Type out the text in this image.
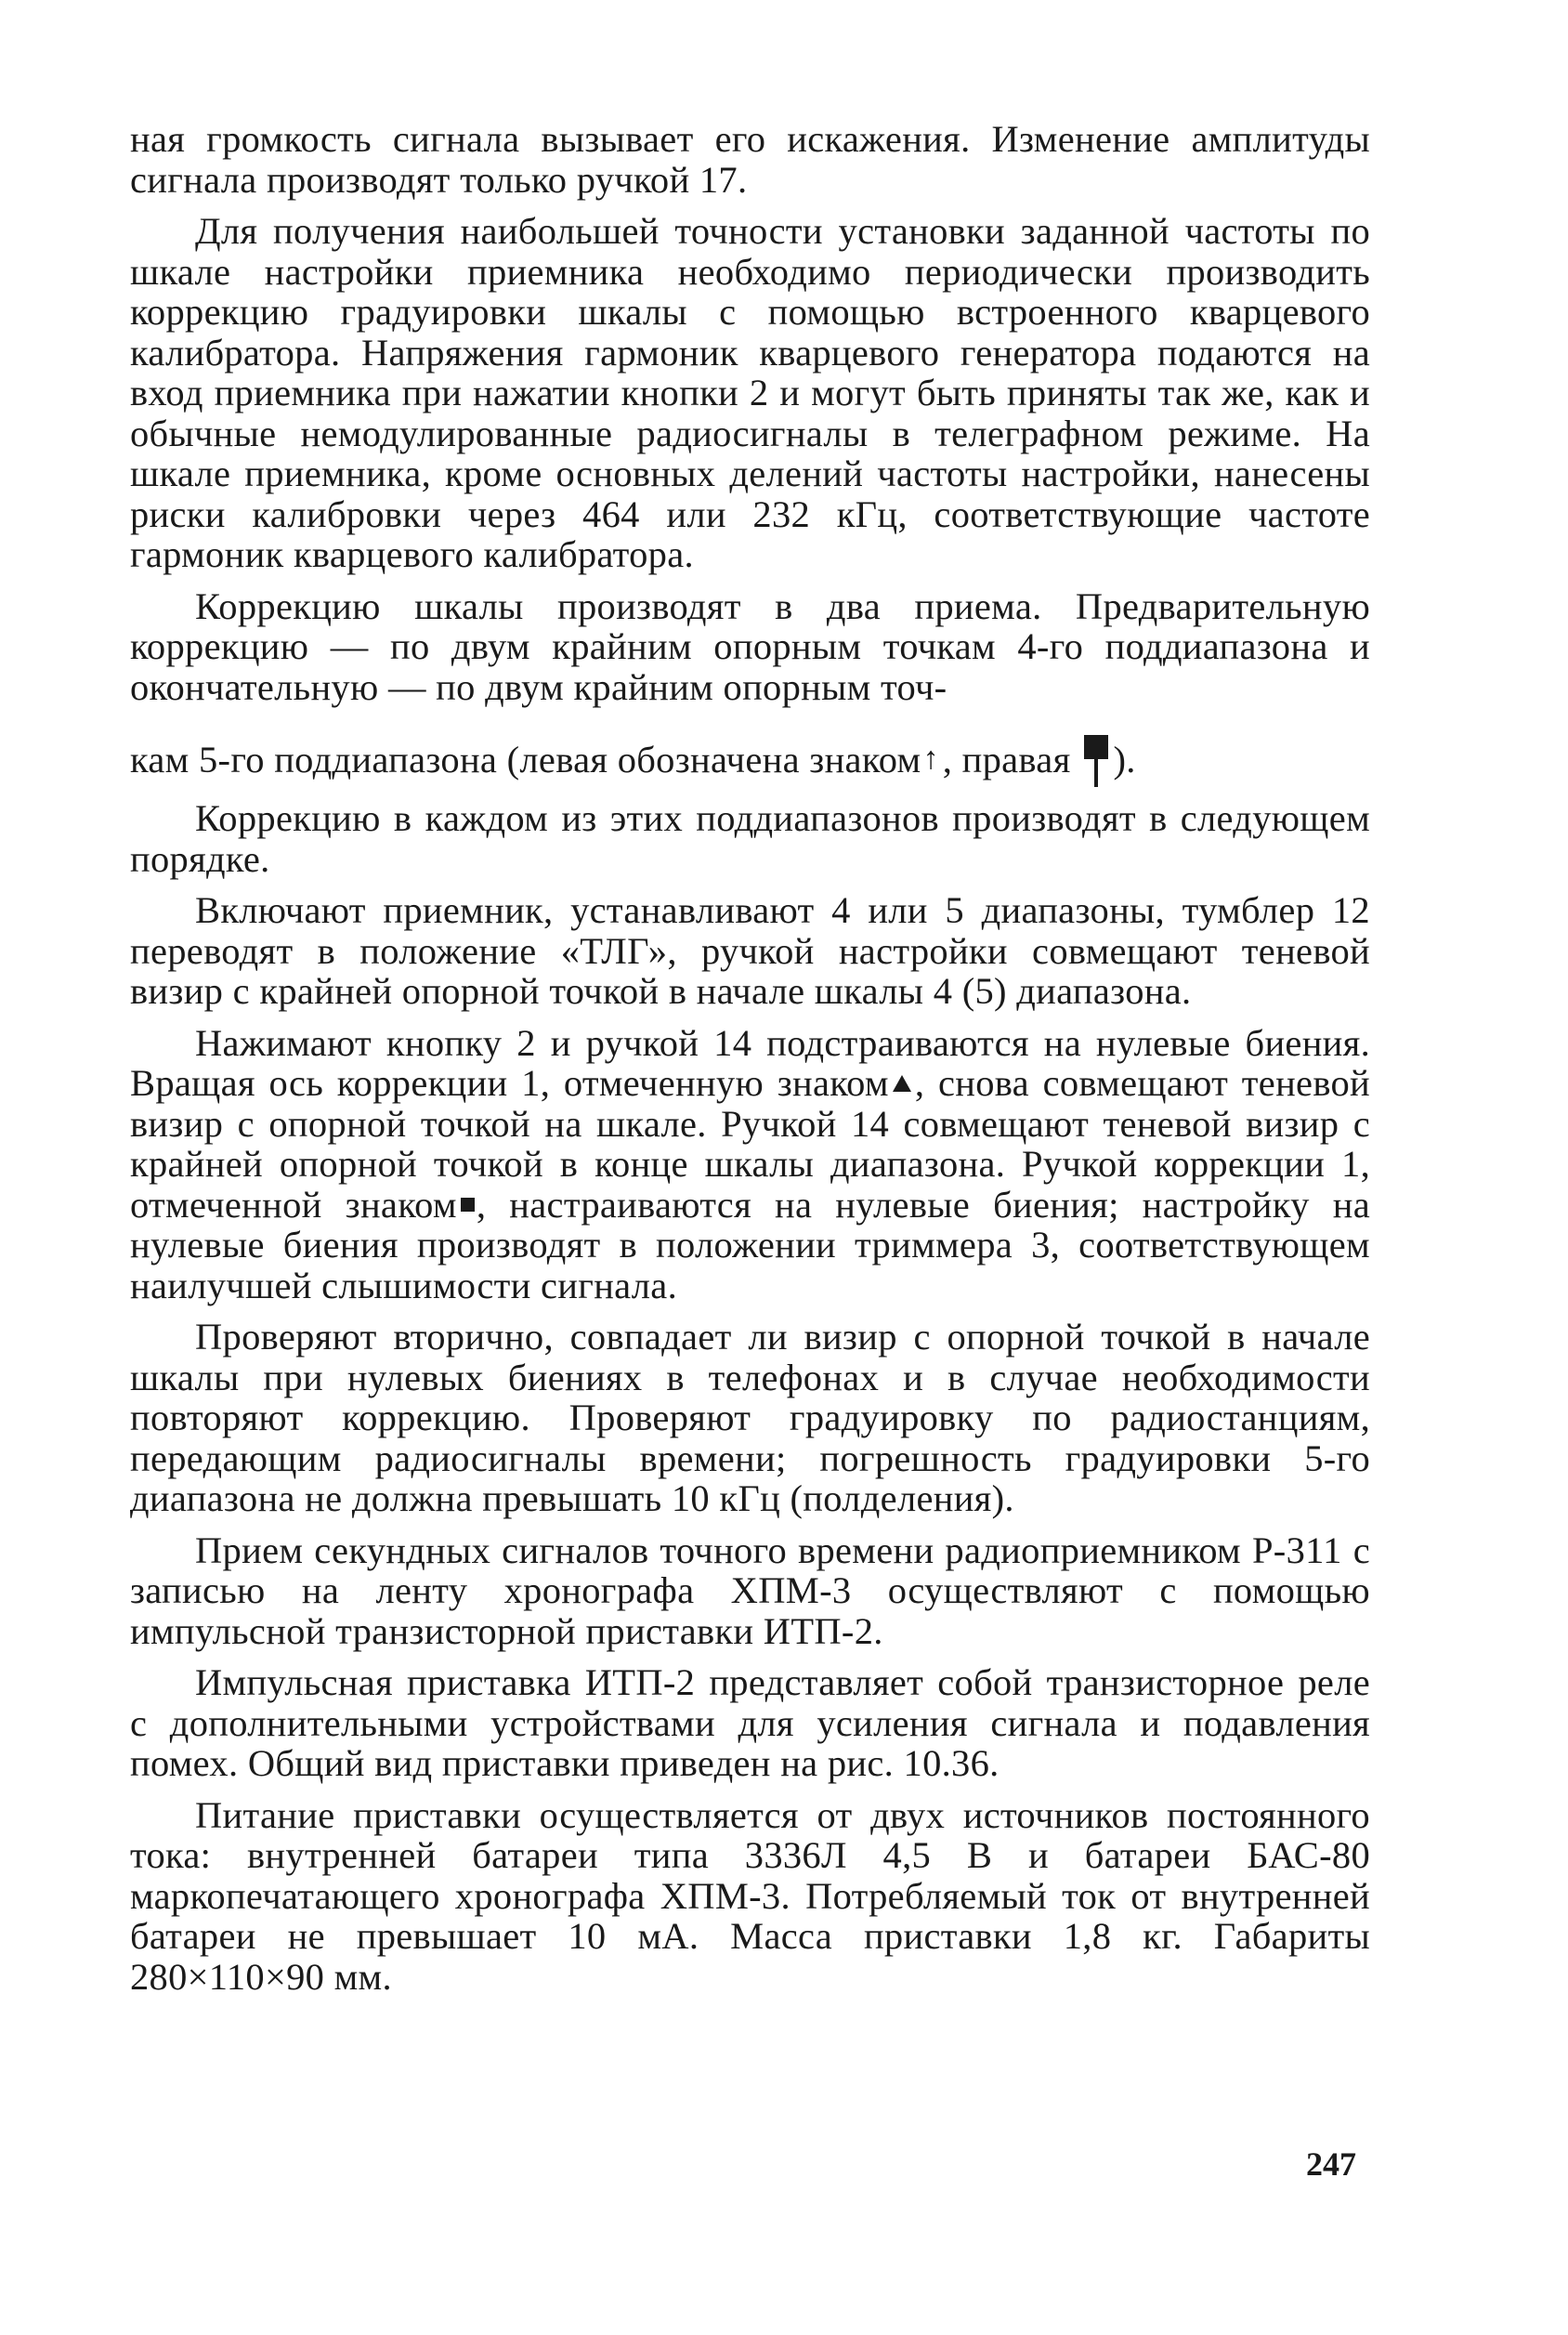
ная громкость сигнала вызывает его искажения. Изменение амплитуды сигнала производят только ручкой 17.

Для получения наибольшей точности установки заданной частоты по шкале настройки приемника необходимо периодически производить коррекцию градуировки шкалы с помощью встроенного кварцевого калибратора. Напряжения гармоник кварцевого генератора подаются на вход приемника при нажатии кнопки 2 и могут быть приняты так же, как и обычные немодулированные радиосигналы в телеграфном режиме. На шкале приемника, кроме основных делений частоты настройки, нанесены риски калибровки через 464 или 232 кГц, соответствующие частоте гармоник кварцевого калибратора.

Коррекцию шкалы производят в два приема. Предварительную коррекцию — по двум крайним опорным точкам 4-го поддиапазона и окончательную — по двум крайним опорным точ-

кам 5-го поддиапазона (левая обозначена знаком↑, правая ).

Коррекцию в каждом из этих поддиапазонов производят в следующем порядке.

Включают приемник, устанавливают 4 или 5 диапазоны, тумблер 12 переводят в положение «ТЛГ», ручкой настройки совмещают теневой визир с крайней опорной точкой в начале шкалы 4 (5) диапазона.

Нажимают кнопку 2 и ручкой 14 подстраиваются на нулевые биения. Вращая ось коррекции 1, отмеченную знаком , снова совмещают теневой визир с опорной точкой на шкале. Ручкой 14 совмещают теневой визир с крайней опорной точкой в конце шкалы диапазона. Ручкой коррекции 1, отмеченной знаком , настраиваются на нулевые биения; настройку на нулевые биения производят в положении триммера 3, соответствующем наилучшей слышимости сигнала.

Проверяют вторично, совпадает ли визир с опорной точкой в начале шкалы при нулевых биениях в телефонах и в случае необходимости повторяют коррекцию. Проверяют градуировку по радиостанциям, передающим радиосигналы времени; погрешность градуировки 5-го диапазона не должна превышать 10 кГц (полделения).

Прием секундных сигналов точного времени радиоприемником Р-311 с записью на ленту хронографа ХПМ-3 осуществляют с помощью импульсной транзисторной приставки ИТП-2.

Импульсная приставка ИТП-2 представляет собой транзисторное реле с дополнительными устройствами для усиления сигнала и подавления помех. Общий вид приставки приведен на рис. 10.36.

Питание приставки осуществляется от двух источников постоянного тока: внутренней батареи типа 3336Л 4,5 В и батареи БАС-80 маркопечатающего хронографа ХПМ-3. Потребляемый ток от внутренней батареи не превышает 10 мА. Масса приставки 1,8 кг. Габариты 280×110×90 мм.

247
